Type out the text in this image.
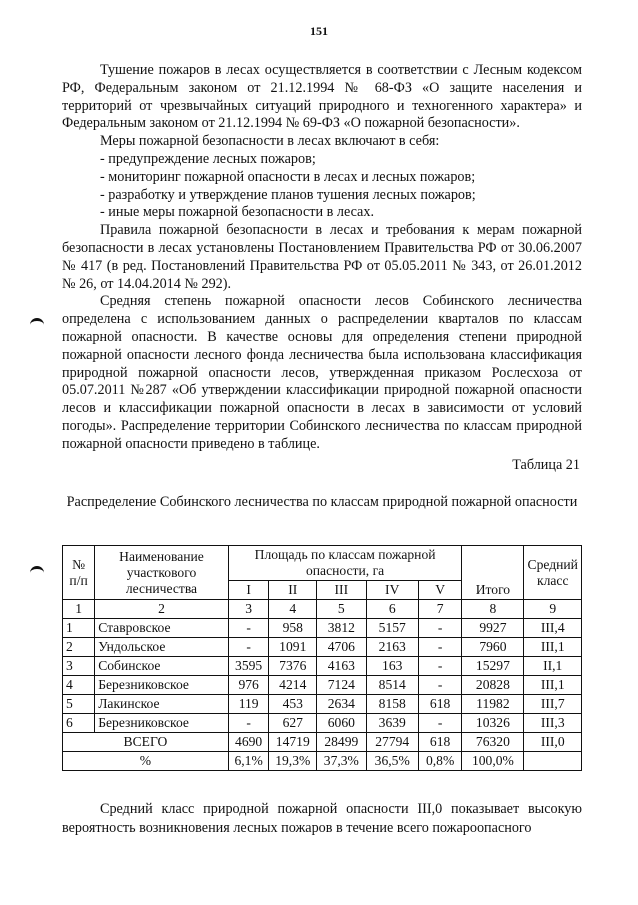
151

Тушение пожаров в лесах осуществляется в соответствии с Лесным кодексом РФ, Федеральным законом от 21.12.1994 № 68-ФЗ «О защите населения и территорий от чрезвычайных ситуаций природного и техногенного характера» и Федеральным законом от 21.12.1994 № 69-ФЗ «О пожарной безопасности».

Меры пожарной безопасности в лесах включают в себя:

- предупреждение лесных пожаров;

- мониторинг пожарной опасности в лесах и лесных пожаров;

- разработку и утверждение планов тушения лесных пожаров;

- иные меры пожарной безопасности в лесах.

Правила пожарной безопасности в лесах и требования к мерам пожарной безопасности в лесах установлены Постановлением Правительства РФ от 30.06.2007 № 417 (в ред. Постановлений Правительства РФ от 05.05.2011 № 343, от 26.01.2012 № 26, от 14.04.2014 № 292).

Средняя степень пожарной опасности лесов Собинского лесничества определена с использованием данных о распределении кварталов по классам пожарной опасности. В качестве основы для определения степени природной пожарной опасности лесного фонда лесничества была использована классификация природной пожарной опасности лесов, утвержденная приказом Рослесхоза от 05.07.2011 №287 «Об утверждении классификации природной пожарной опасности лесов и классификации пожарной опасности в лесах в зависимости от условий погоды». Распределение территории Собинского лесничества по классам природной пожарной опасности приведено в таблице.

Таблица 21
Распределение Собинского лесничества по классам природной пожарной опасности
№ п/п	Наименование участкового лесничества	Площадь по классам пожарной опасности, га					Итого	Средний класс
		I	II	III	IV	V		
1	2	3	4	5	6	7	8	9
1	Ставровское	-	958	3812	5157	-	9927	III,4
2	Ундольское	-	1091	4706	2163	-	7960	III,1
3	Собинское	3595	7376	4163	163	-	15297	II,1
4	Березниковское	976	4214	7124	8514	-	20828	III,1
5	Лакинское	119	453	2634	8158	618	11982	III,7
6	Березниковское	-	627	6060	3639	-	10326	III,3
ВСЕГО		4690	14719	28499	27794	618	76320	III,0
%		6,1%	19,3%	37,3%	36,5%	0,8%	100,0%	

Средний класс природной пожарной опасности III,0 показывает высокую вероятность возникновения лесных пожаров в течение всего пожароопасного
